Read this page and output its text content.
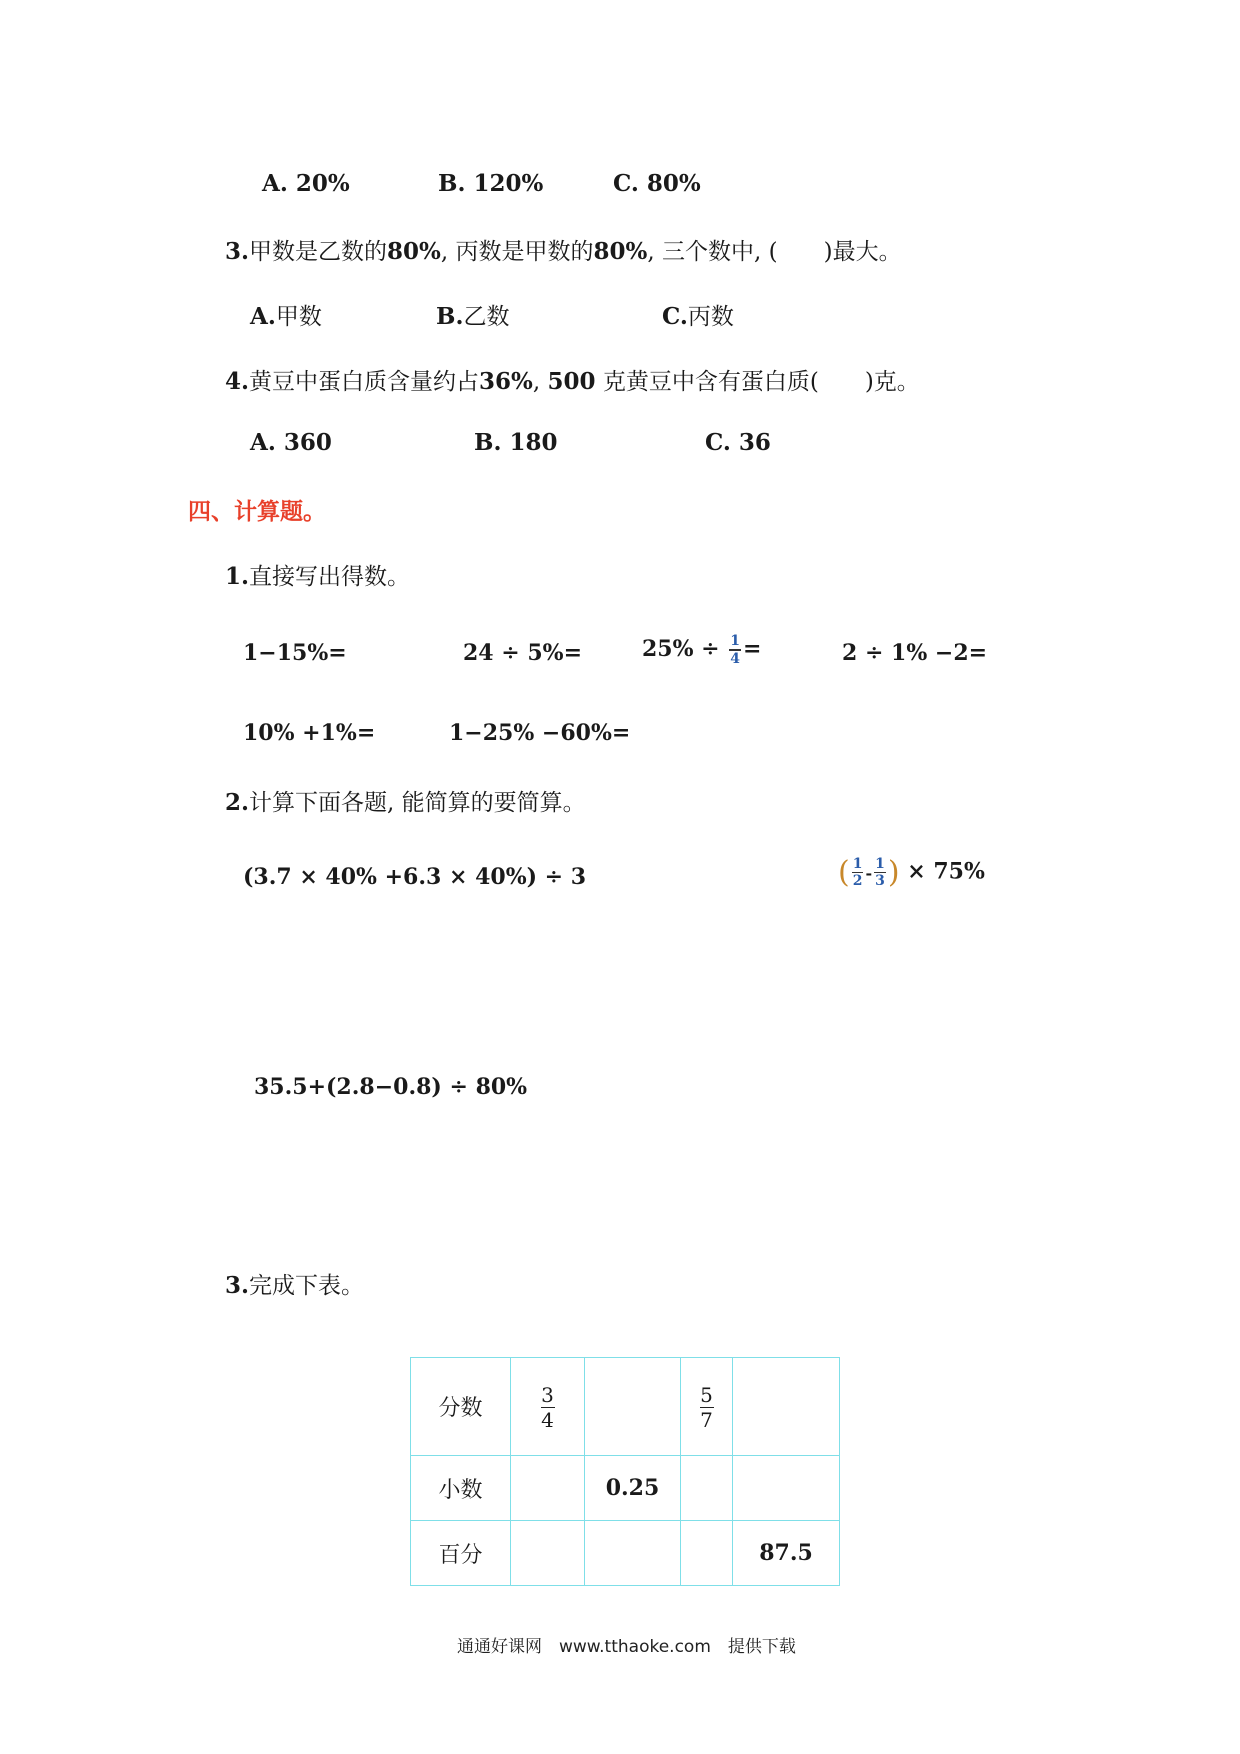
A. 20%	B. 120%	C. 80%
3.甲数是乙数的80%, 丙数是甲数的80%, 三个数中, (　　)最大。
A.甲数	B.乙数	C.丙数
4.黄豆中蛋白质含量约占36%, 500 克黄豆中含有蛋白质(　　)克。
A. 360	B. 180	C. 36
四、计算题。
1.直接写出得数。
1−15%=	24 ÷ 5%=	$25\% \div \frac{1}{4}$ =	2 ÷ 1% −2=
10% +1%=	1−25% −60%=
2.计算下面各题, 能简算的要简算。
(3.7 × 40% +6.3 × 40%) ÷ 3	( $\frac{1}{2} - \frac{1}{3}$ ) × 75%
35.5+(2.8−0.8) ÷ 80%
3.完成下表。
分数	$\frac{3}{4}$		$\frac{5}{7}$

小数		0.25		
百分				87.5
通通好课网　www.tthaoke.com　提供下载
